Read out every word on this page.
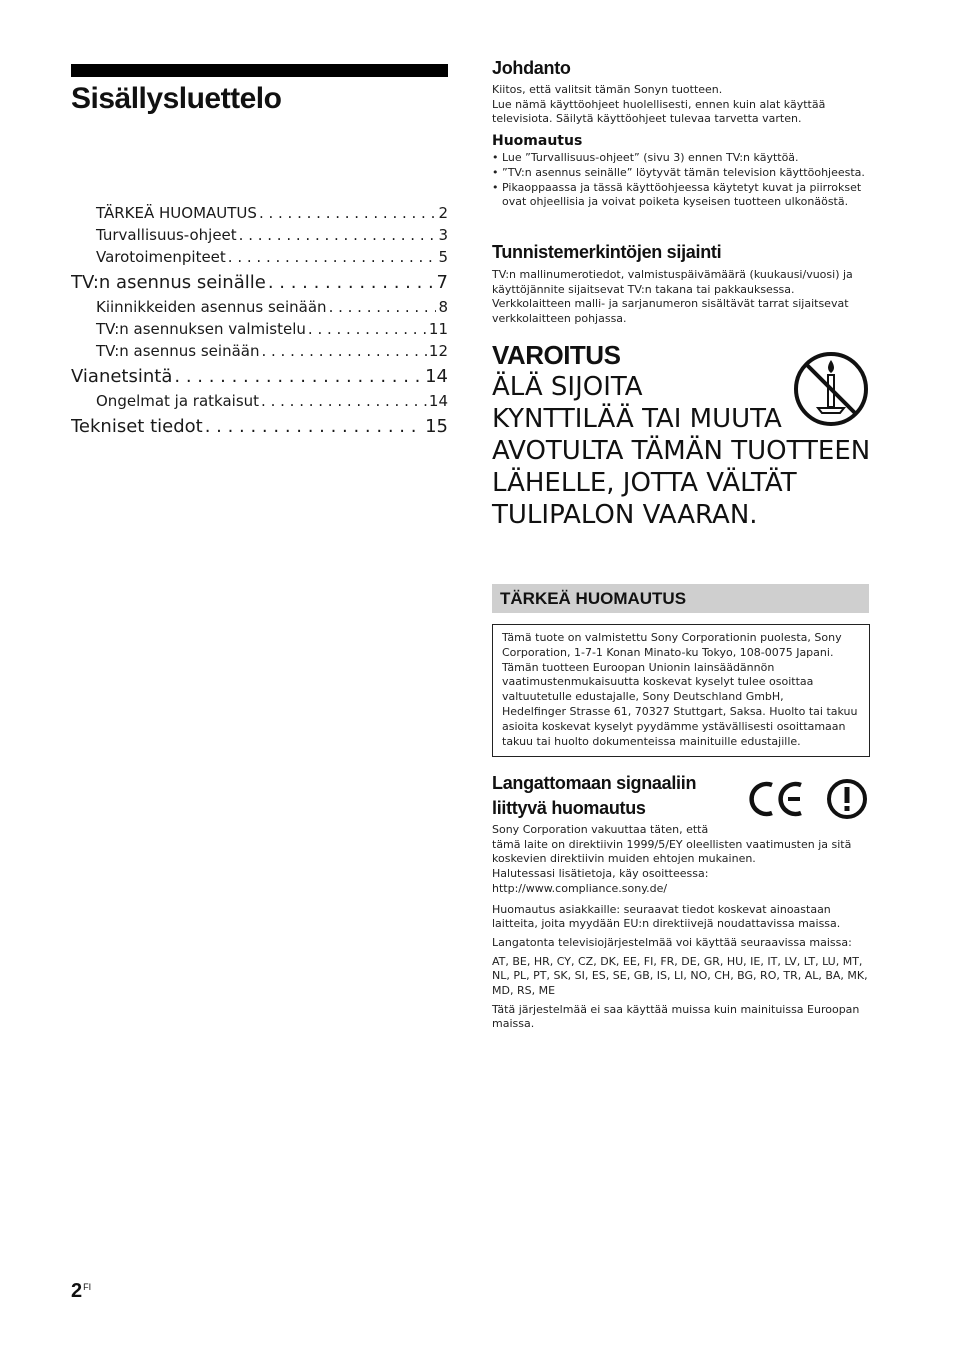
Sisällysluettelo
TÄRKEÄ HUOMAUTUS . . .	2
Turvallisuus-ohjeet . . .	3
Varotoimenpiteet . . .	5
TV:n asennus seinälle . . .	7
Kiinnikkeiden asennus seinään . . .	8
TV:n asennuksen valmistelu . . .	11
TV:n asennus seinään . . .	12
Vianetsintä . . .	14
Ongelmat ja ratkaisut . . .	14
Tekniset tiedot . . .	15
Johdanto

Kiitos, että valitsit tämän Sonyn tuotteen.

Lue nämä käyttöohjeet huolellisesti, ennen kuin alat käyttää televisiota. Säilytä käyttöohjeet tulevaa tarvetta varten.

Huomautus
• Lue ”Turvallisuus-ohjeet” (sivu 3) ennen TV:n käyttöä.
• ”TV:n asennus seinälle” löytyvät tämän television käyttöohjeesta.
• Pikaoppaassa ja tässä käyttöohjeessa käytetyt kuvat ja piirrokset ovat ohjeellisia ja voivat poiketa kyseisen tuotteen ulkonäöstä.
Tunnistemerkintöjen sijainti

TV:n mallinumerotiedot, valmistuspäivämäärä (kuukausi/vuosi) ja käyttöjännite sijaitsevat TV:n takana tai pakkauksessa.

Verkkolaitteen malli- ja sarjanumeron sisältävät tarrat sijaitsevat verkkolaitteen pohjassa.

VAROITUS

ÄLÄ SIJOITA

KYNTTILÄÄ TAI MUUTA

AVOTULTA TÄMÄN TUOTTEEN

LÄHELLE, JOTTA VÄLTÄT

TULIPALON VAARAN.

TÄRKEÄ HUOMAUTUS

Tämä tuote on valmistettu Sony Corporationin puolesta, Sony

Corporation, 1-7-1 Konan Minato-ku Tokyo, 108-0075 Japani.

Tämän tuotteen Euroopan Unionin lainsäädännön

vaatimustenmukaisuutta koskevat kyselyt tulee osoittaa

valtuutetulle edustajalle, Sony Deutschland GmbH,

Hedelfinger Strasse 61, 70327 Stuttgart, Saksa. Huolto tai takuu

asioita koskevat kyselyt pyydämme ystävällisesti osoittamaan

takuu tai huolto dokumenteissa mainituille edustajille.

Langattomaan signaaliin
liittyvä huomautus

Sony Corporation vakuuttaa täten, että
tämä laite on direktiivin 1999/5/EY oleellisten vaatimusten ja sitä
koskevien direktiivin muiden ehtojen mukainen.
Halutessasi lisätietoja, käy osoitteessa:
http://www.compliance.sony.de/

Huomautus asiakkaille: seuraavat tiedot koskevat ainoastaan laitteita, joita myydään EU:n direktiivejä noudattavissa maissa.

Langatonta televisiojärjestelmää voi käyttää seuraavissa maissa:

AT, BE, HR, CY, CZ, DK, EE, FI, FR, DE, GR, HU, IE, IT, LV, LT, LU, MT, NL, PL, PT, SK, SI, ES, SE, GB, IS, LI, NO, CH, BG, RO, TR, AL, BA, MK, MD, RS, ME

Tätä järjestelmää ei saa käyttää muissa kuin mainituissa Euroopan maissa.

$2^{FI}$
